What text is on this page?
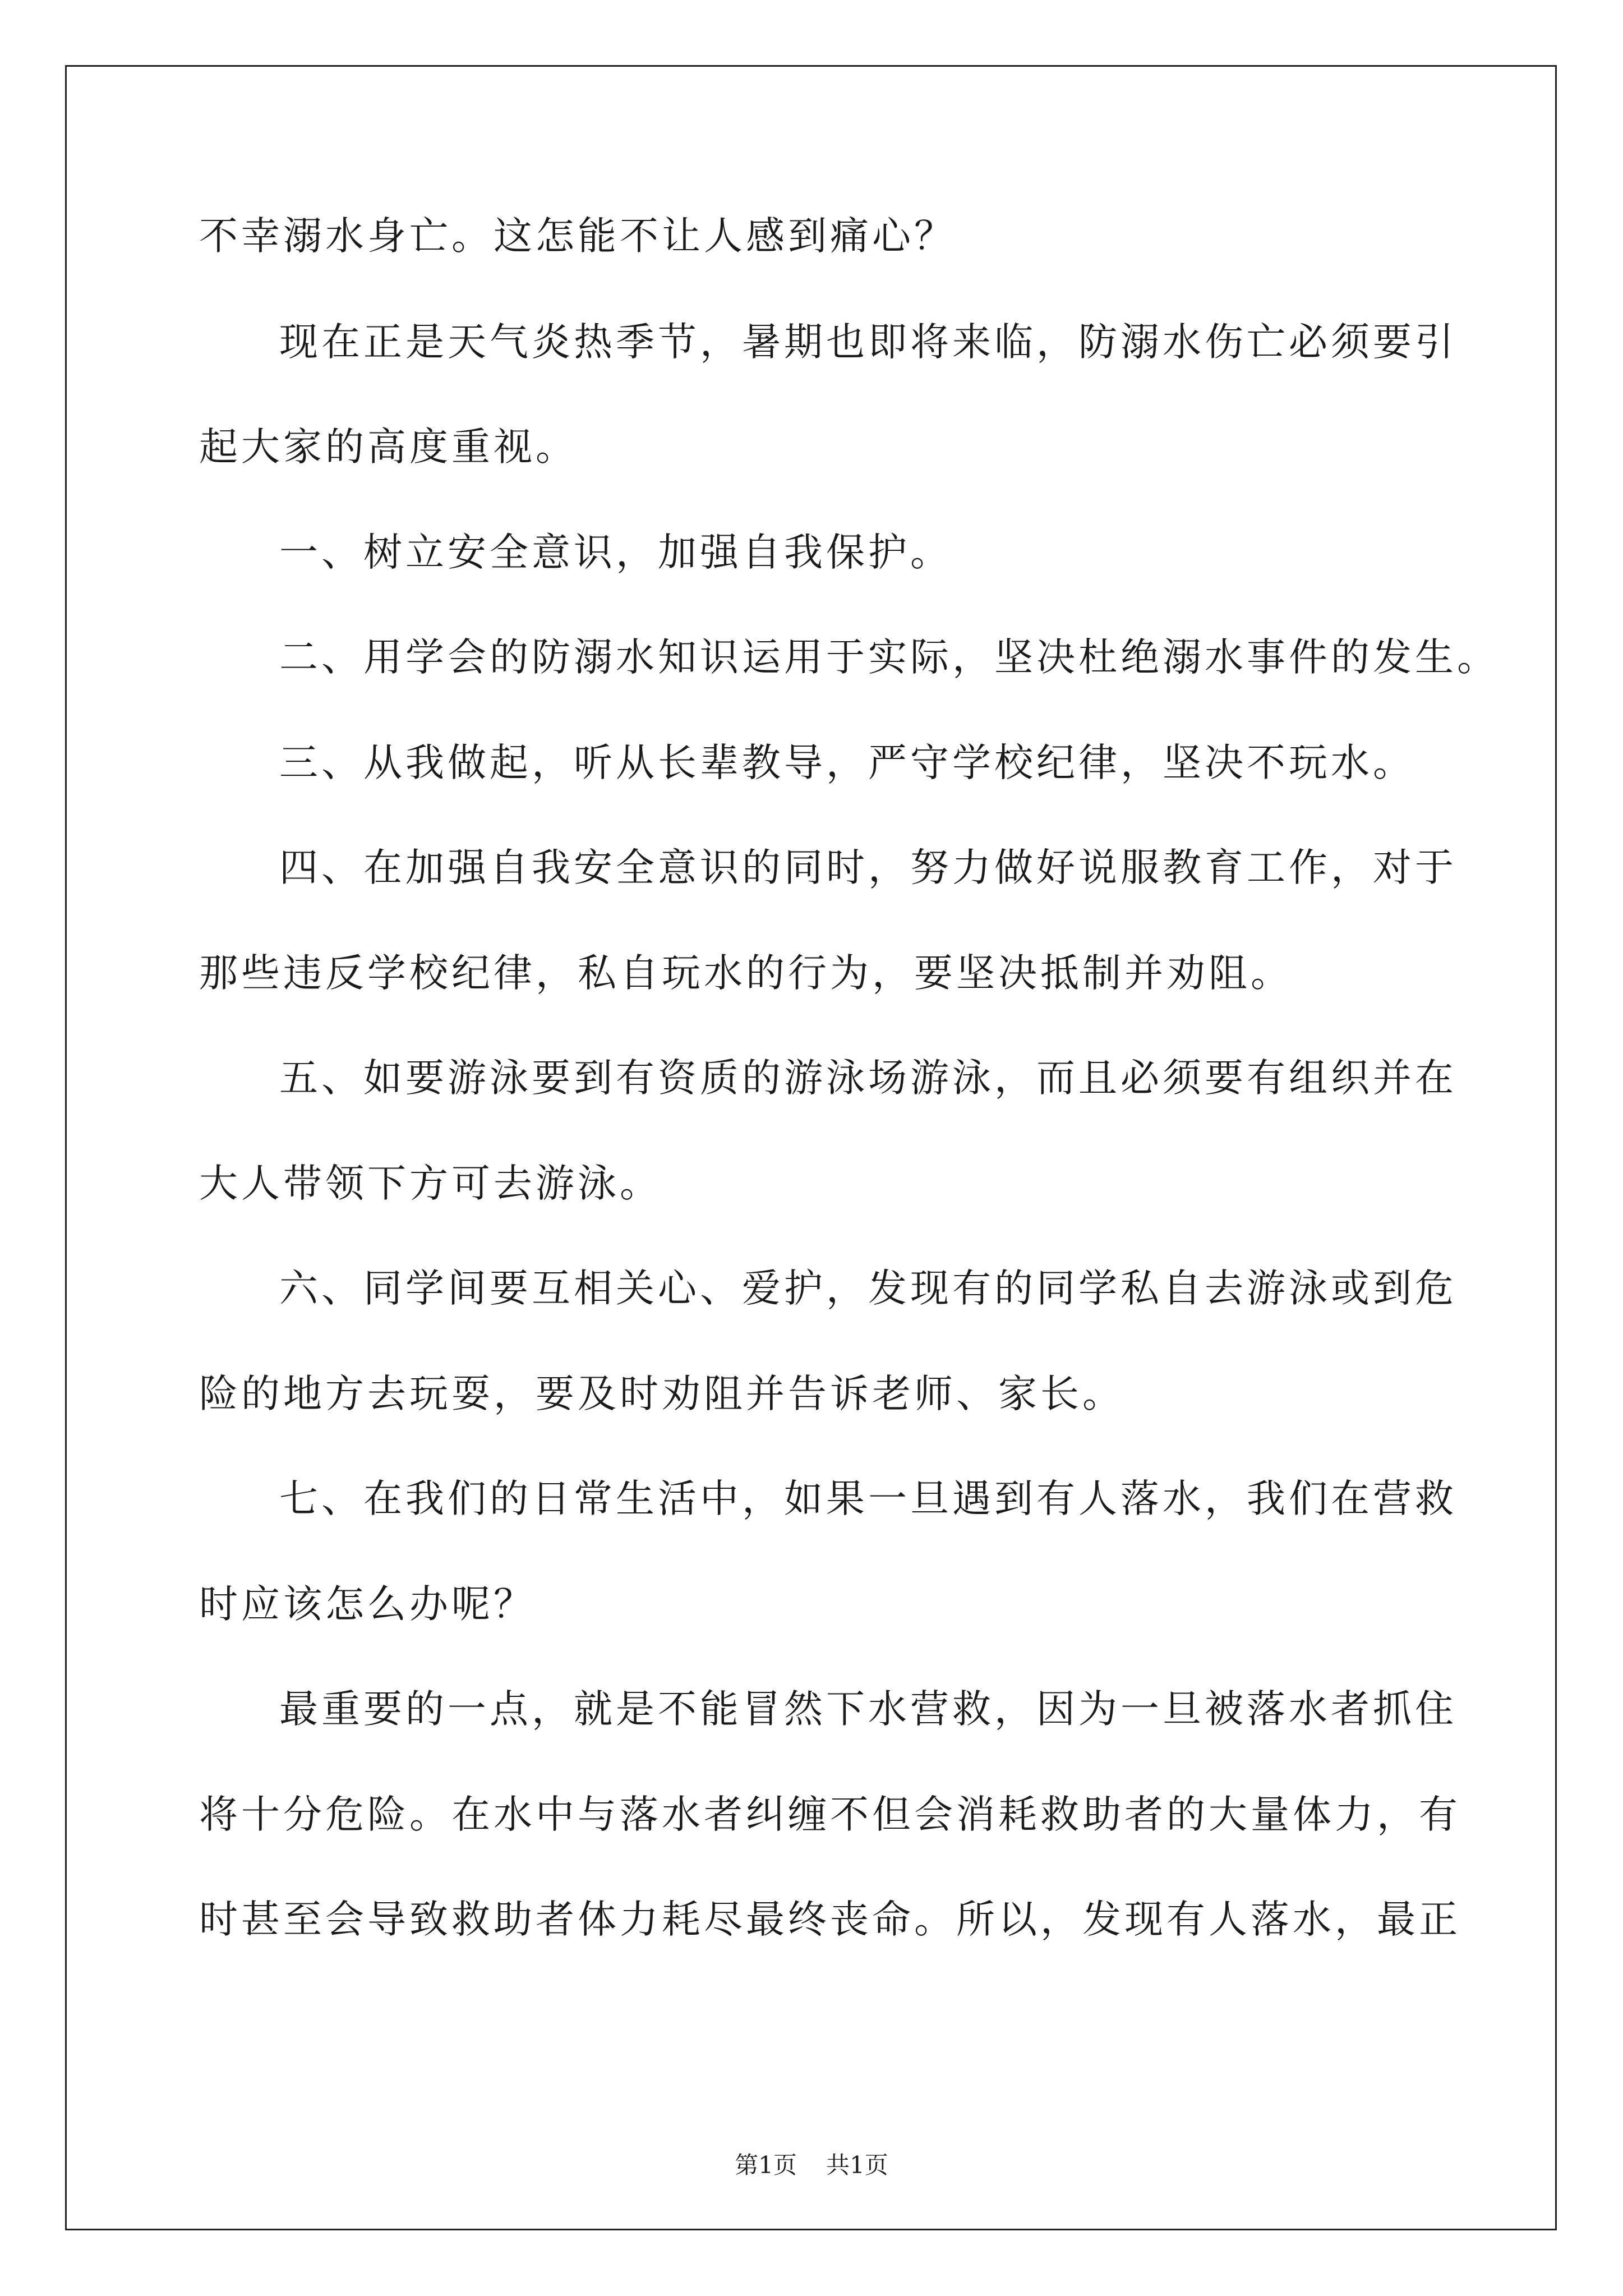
不幸溺水身亡。这怎能不让人感到痛心？
现在正是天气炎热季节，暑期也即将来临，防溺水伤亡必须要引
起大家的高度重视。
一、树立安全意识，加强自我保护。
二、用学会的防溺水知识运用于实际，坚决杜绝溺水事件的发生。
三、从我做起，听从长辈教导，严守学校纪律，坚决不玩水。
四、在加强自我安全意识的同时，努力做好说服教育工作，对于
那些违反学校纪律，私自玩水的行为，要坚决抵制并劝阻。
五、如要游泳要到有资质的游泳场游泳，而且必须要有组织并在
大人带领下方可去游泳。
六、同学间要互相关心、爱护，发现有的同学私自去游泳或到危
险的地方去玩耍，要及时劝阻并告诉老师、家长。
七、在我们的日常生活中，如果一旦遇到有人落水，我们在营救
时应该怎么办呢？
最重要的一点，就是不能冒然下水营救，因为一旦被落水者抓住
将十分危险。在水中与落水者纠缠不但会消耗救助者的大量体力，有
时甚至会导致救助者体力耗尽最终丧命。所以，发现有人落水，最正
第1页 共1页
